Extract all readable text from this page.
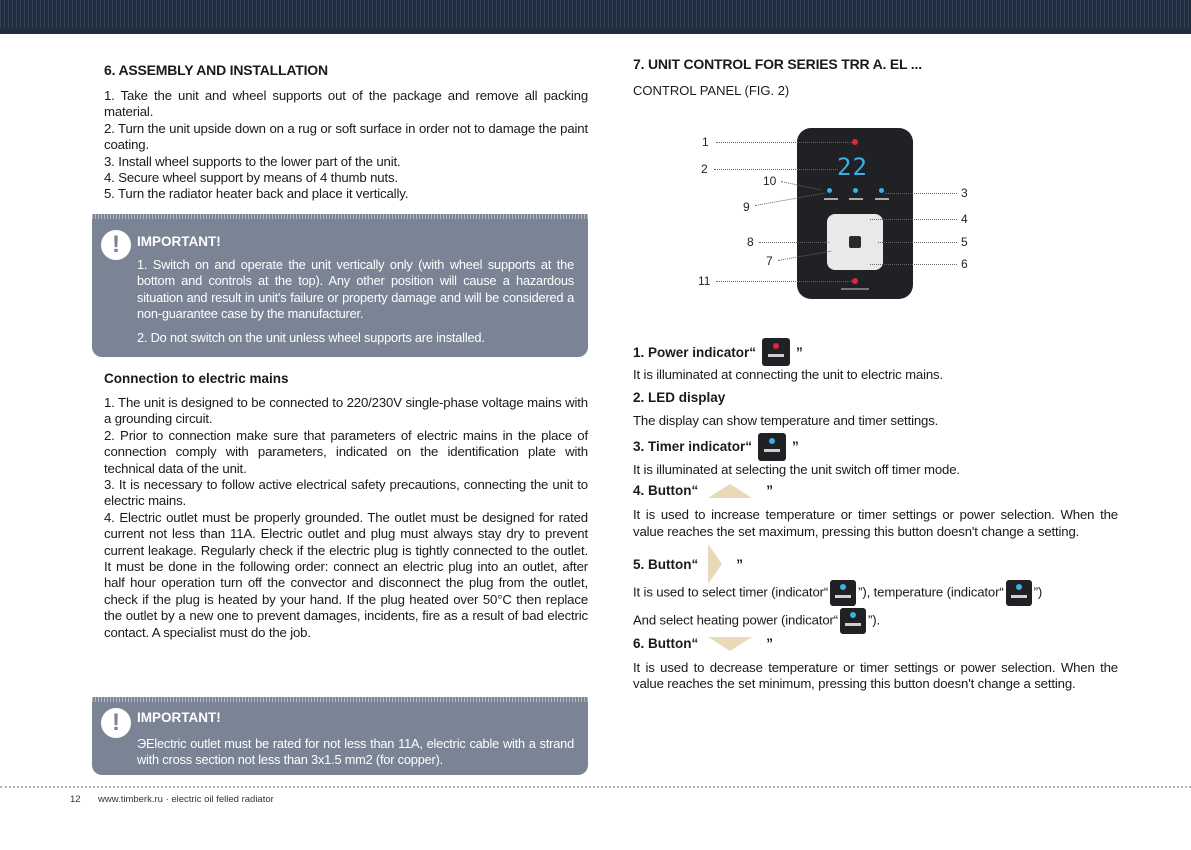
6. ASSEMBLY AND INSTALLATION

1. Take the unit and wheel supports out of the package and remove all packing material.

2. Turn the unit upside down on a rug or soft surface in order not to damage the paint coating.

3. Install wheel supports to the lower part of the unit.

4. Secure wheel support by means of 4 thumb nuts.

5. Turn the radiator heater back and place it vertically.

!	IMPORTANT!
1. Switch on and operate the unit vertically only (with wheel supports at the bottom and controls at the top). Any other position will cause a hazardous situation and result in unit's failure or property damage and will be considered a non-guarantee case by the manufacturer.
2. Do not switch on the unit unless wheel supports are installed.
Connection to electric mains

1. The unit is designed to be connected to 220/230V single-phase voltage mains with a grounding circuit.

2. Prior to connection make sure that parameters of electric mains in the place of connection comply with parameters, indicated on the identification plate with technical data of the unit.

3. It is necessary to follow active electrical safety precautions, connecting the unit to electric mains.

4. Electric outlet must be properly grounded. The outlet must be designed for rated current not less than 11A. Electric outlet and plug must always stay dry to prevent current leakage. Regularly check if the electric plug is tightly connected to the outlet. It must be done in the following order: connect an electric plug into an outlet, after half hour operation turn off the convector and disconnect the plug from the outlet, check if the plug is heated by your hand. If the plug heated over 50°C then replace the outlet by a new one to prevent damages, incidents, fire as a result of bad electric contact. A specialist must do the job.

!	IMPORTANT!
ЭElectric outlet must be rated for not less than 11A, electric cable with a strand with cross section not less than 3x1.5 mm2 (for copper).
7. UNIT CONTROL FOR SERIES TRR A. EL ...
CONTROL PANEL (FIG. 2)
22
1
2
10
9
8
7
11
3
4
5
6
1. Power indicator“	”

It is illuminated at connecting the unit to electric mains.

2. LED display

The display can show temperature and timer settings.

3. Timer indicator“	”

It is illuminated at selecting the unit switch off timer mode.

4. Button“	”

It is used to increase temperature or timer settings or power selection. When the value reaches the set maximum, pressing this button doesn't change a setting.

5. Button“	”

It is used to select timer (indicator“ ”), temperature (indicator“ ”)

And select heating power (indicator“ ”).

6. Button“	”

It is used to decrease temperature or timer settings or power selection. When the value reaches the set minimum, pressing this button doesn't change a setting.

12 www.timberk.ru · electric oil felled radiator
